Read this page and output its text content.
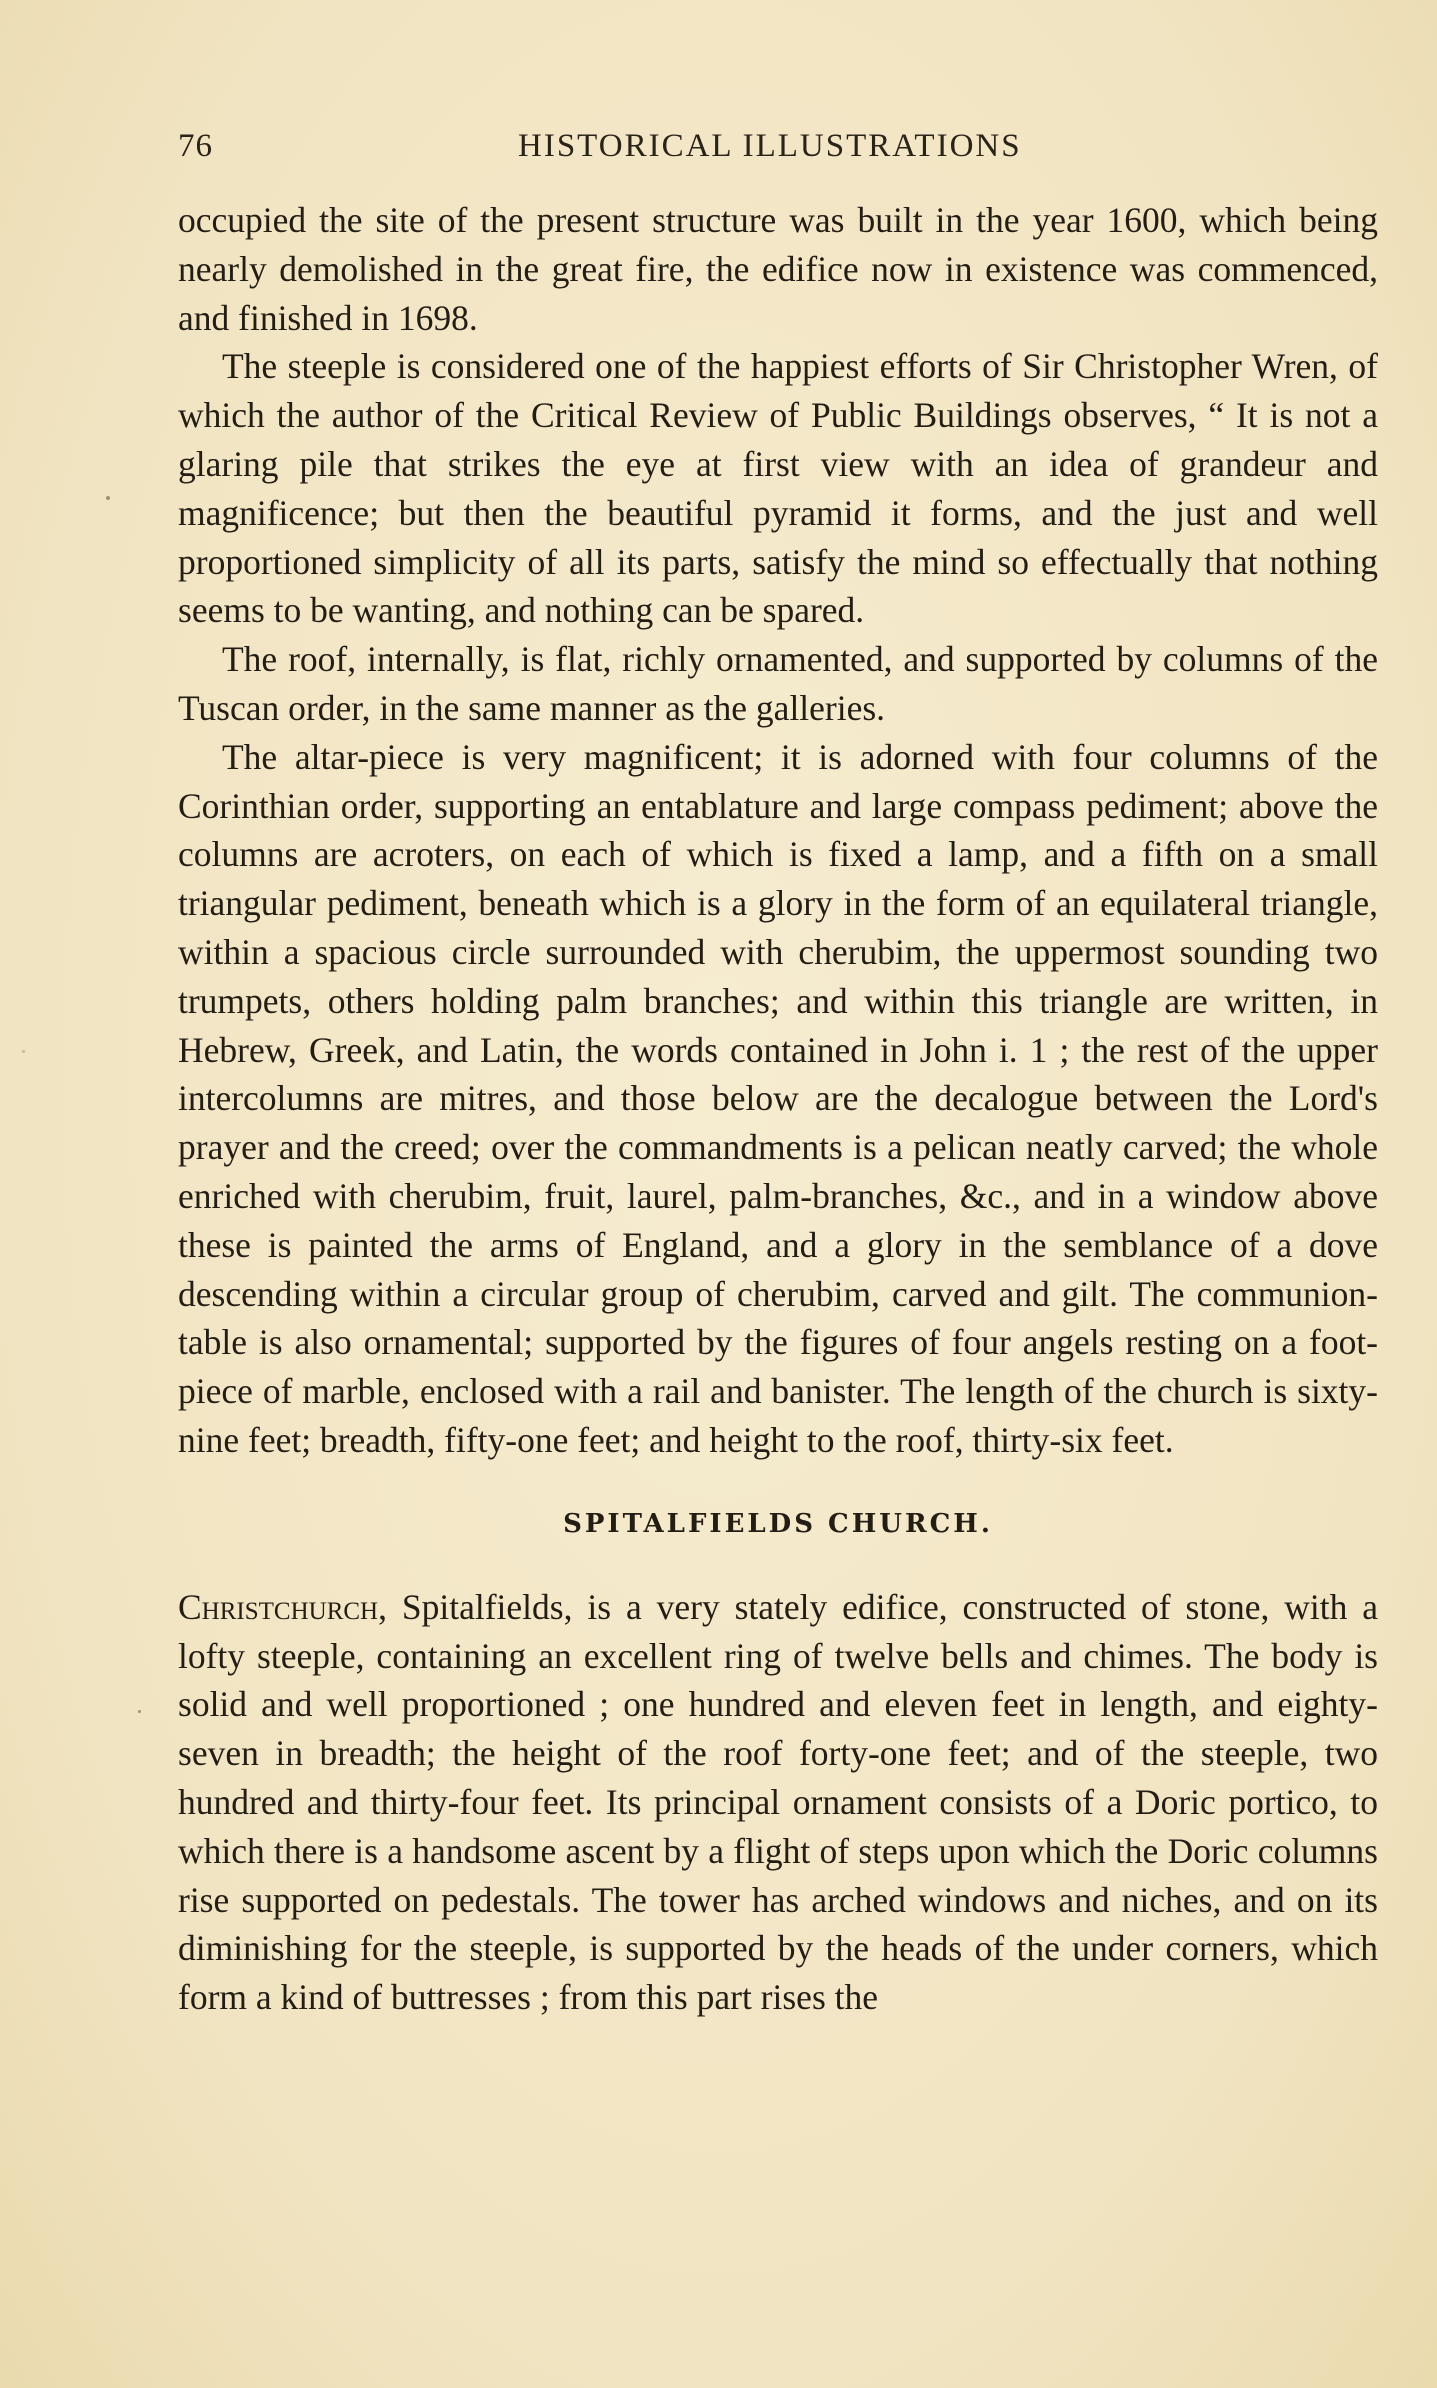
76	HISTORICAL ILLUSTRATIONS

occupied the site of the present structure was built in the year 1600, which being nearly demolished in the great fire, the edifice now in existence was commenced, and finished in 1698.

The steeple is considered one of the happiest efforts of Sir Christopher Wren, of which the author of the Critical Review of Public Buildings observes, “ It is not a glaring pile that strikes the eye at first view with an idea of grandeur and magnificence; but then the beautiful pyramid it forms, and the just and well proportioned simplicity of all its parts, satisfy the mind so effectually that nothing seems to be wanting, and nothing can be spared.

The roof, internally, is flat, richly ornamented, and supported by columns of the Tuscan order, in the same manner as the galleries.

The altar-piece is very magnificent; it is adorned with four columns of the Corinthian order, supporting an entablature and large compass pediment; above the columns are acroters, on each of which is fixed a lamp, and a fifth on a small triangular pediment, beneath which is a glory in the form of an equilateral triangle, within a spacious circle surrounded with cherubim, the uppermost sounding two trumpets, others holding palm branches; and within this triangle are written, in Hebrew, Greek, and Latin, the words contained in John i. 1 ; the rest of the upper intercolumns are mitres, and those below are the decalogue between the Lord's prayer and the creed; over the commandments is a pelican neatly carved; the whole enriched with cherubim, fruit, laurel, palm-branches, &c., and in a window above these is painted the arms of England, and a glory in the semblance of a dove descending within a circular group of cherubim, carved and gilt. The communion-table is also ornamental; supported by the figures of four angels resting on a foot-piece of marble, enclosed with a rail and banister. The length of the church is sixty-nine feet; breadth, fifty-one feet; and height to the roof, thirty-six feet.

SPITALFIELDS CHURCH.

Christchurch, Spitalfields, is a very stately edifice, constructed of stone, with a lofty steeple, containing an excellent ring of twelve bells and chimes. The body is solid and well proportioned ; one hundred and eleven feet in length, and eighty-seven in breadth; the height of the roof forty-one feet; and of the steeple, two hundred and thirty-four feet. Its principal ornament consists of a Doric portico, to which there is a handsome ascent by a flight of steps upon which the Doric columns rise supported on pedestals. The tower has arched windows and niches, and on its diminishing for the steeple, is supported by the heads of the under corners, which form a kind of buttresses ; from this part rises the
